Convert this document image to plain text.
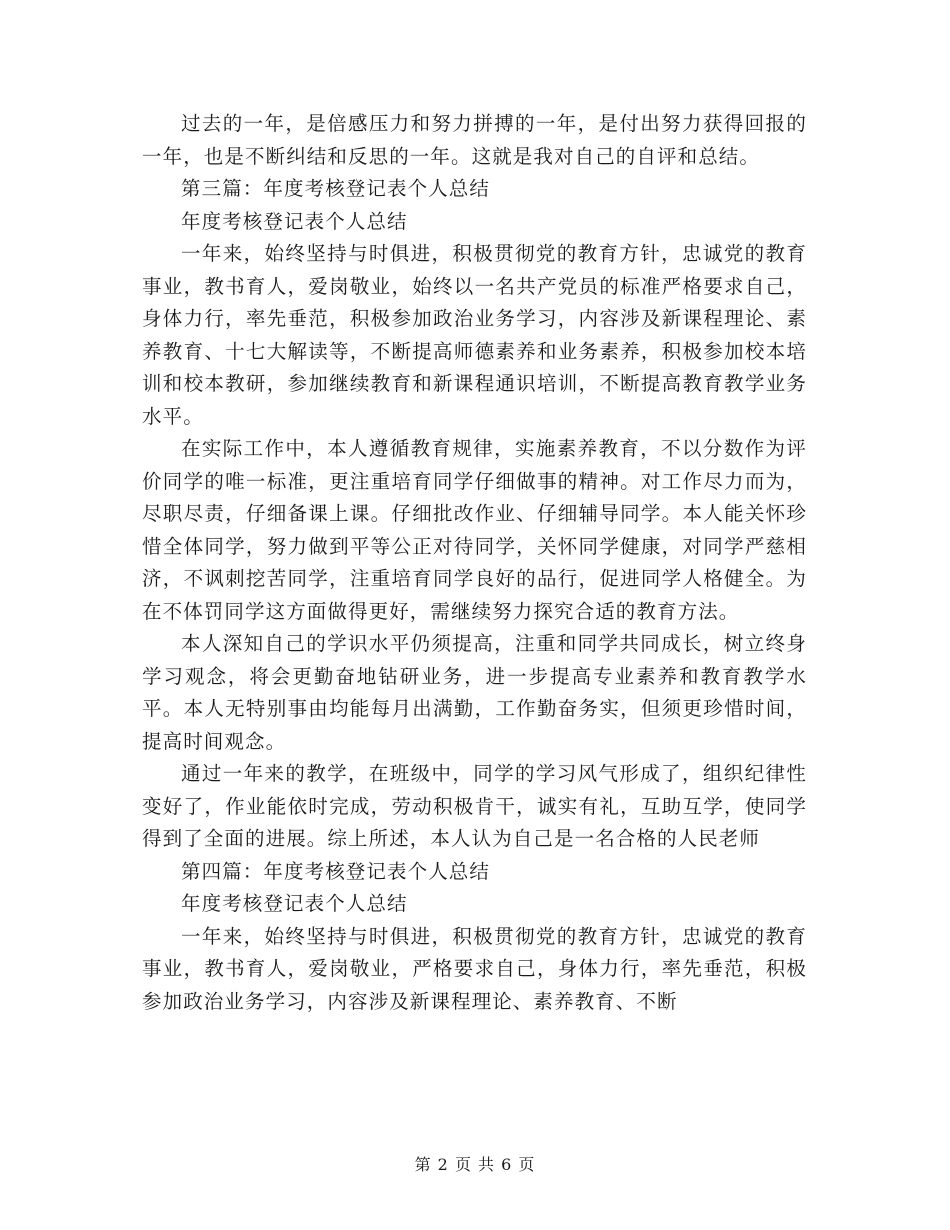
过去的一年，是倍感压力和努力拼搏的一年，是付出努力获得回报的一年，也是不断纠结和反思的一年。这就是我对自己的自评和总结。

第三篇：年度考核登记表个人总结

年度考核登记表个人总结

一年来，始终坚持与时俱进，积极贯彻党的教育方针，忠诚党的教育事业，教书育人，爱岗敬业，始终以一名共产党员的标准严格要求自己，身体力行，率先垂范，积极参加政治业务学习，内容涉及新课程理论、素养教育、十七大解读等，不断提高师德素养和业务素养，积极参加校本培训和校本教研，参加继续教育和新课程通识培训，不断提高教育教学业务水平。

在实际工作中，本人遵循教育规律，实施素养教育，不以分数作为评价同学的唯一标准，更注重培育同学仔细做事的精神。对工作尽力而为，尽职尽责，仔细备课上课。仔细批改作业、仔细辅导同学。本人能关怀珍惜全体同学，努力做到平等公正对待同学，关怀同学健康，对同学严慈相济，不讽刺挖苦同学，注重培育同学良好的品行，促进同学人格健全。为在不体罚同学这方面做得更好，需继续努力探究合适的教育方法。

本人深知自己的学识水平仍须提高，注重和同学共同成长，树立终身学习观念，将会更勤奋地钻研业务，进一步提高专业素养和教育教学水平。本人无特别事由均能每月出满勤，工作勤奋务实，但须更珍惜时间，提高时间观念。

通过一年来的教学，在班级中，同学的学习风气形成了，组织纪律性变好了，作业能依时完成，劳动积极肯干，诚实有礼，互助互学，使同学得到了全面的进展。综上所述，本人认为自己是一名合格的人民老师

第四篇：年度考核登记表个人总结

年度考核登记表个人总结

一年来，始终坚持与时俱进，积极贯彻党的教育方针，忠诚党的教育事业，教书育人，爱岗敬业，严格要求自己，身体力行，率先垂范，积极参加政治业务学习，内容涉及新课程理论、素养教育、不断

第 2 页 共 6 页
